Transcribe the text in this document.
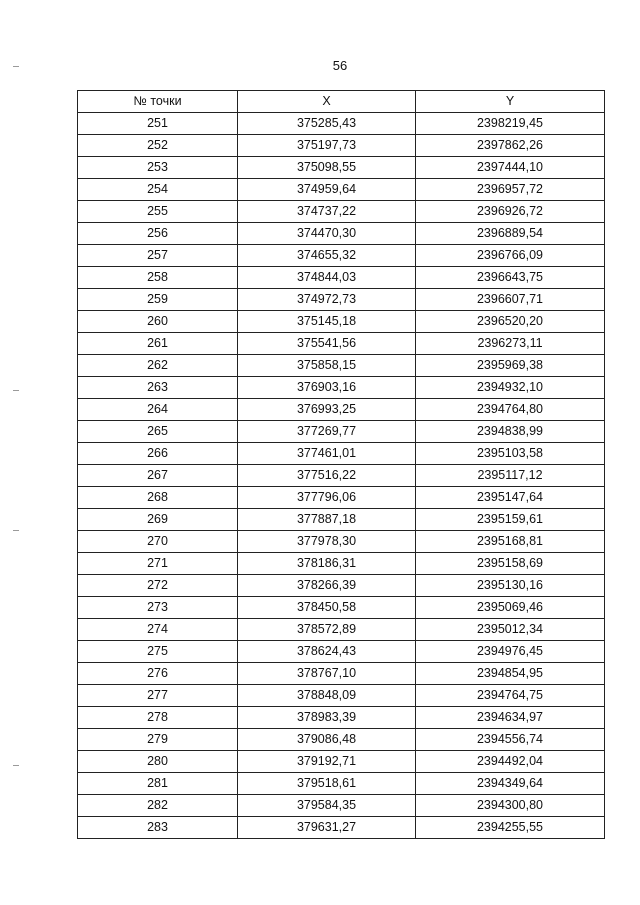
56
№ точки	X	Y
251	375285,43	2398219,45
252	375197,73	2397862,26
253	375098,55	2397444,10
254	374959,64	2396957,72
255	374737,22	2396926,72
256	374470,30	2396889,54
257	374655,32	2396766,09
258	374844,03	2396643,75
259	374972,73	2396607,71
260	375145,18	2396520,20
261	375541,56	2396273,11
262	375858,15	2395969,38
263	376903,16	2394932,10
264	376993,25	2394764,80
265	377269,77	2394838,99
266	377461,01	2395103,58
267	377516,22	2395117,12
268	377796,06	2395147,64
269	377887,18	2395159,61
270	377978,30	2395168,81
271	378186,31	2395158,69
272	378266,39	2395130,16
273	378450,58	2395069,46
274	378572,89	2395012,34
275	378624,43	2394976,45
276	378767,10	2394854,95
277	378848,09	2394764,75
278	378983,39	2394634,97
279	379086,48	2394556,74
280	379192,71	2394492,04
281	379518,61	2394349,64
282	379584,35	2394300,80
283	379631,27	2394255,55
